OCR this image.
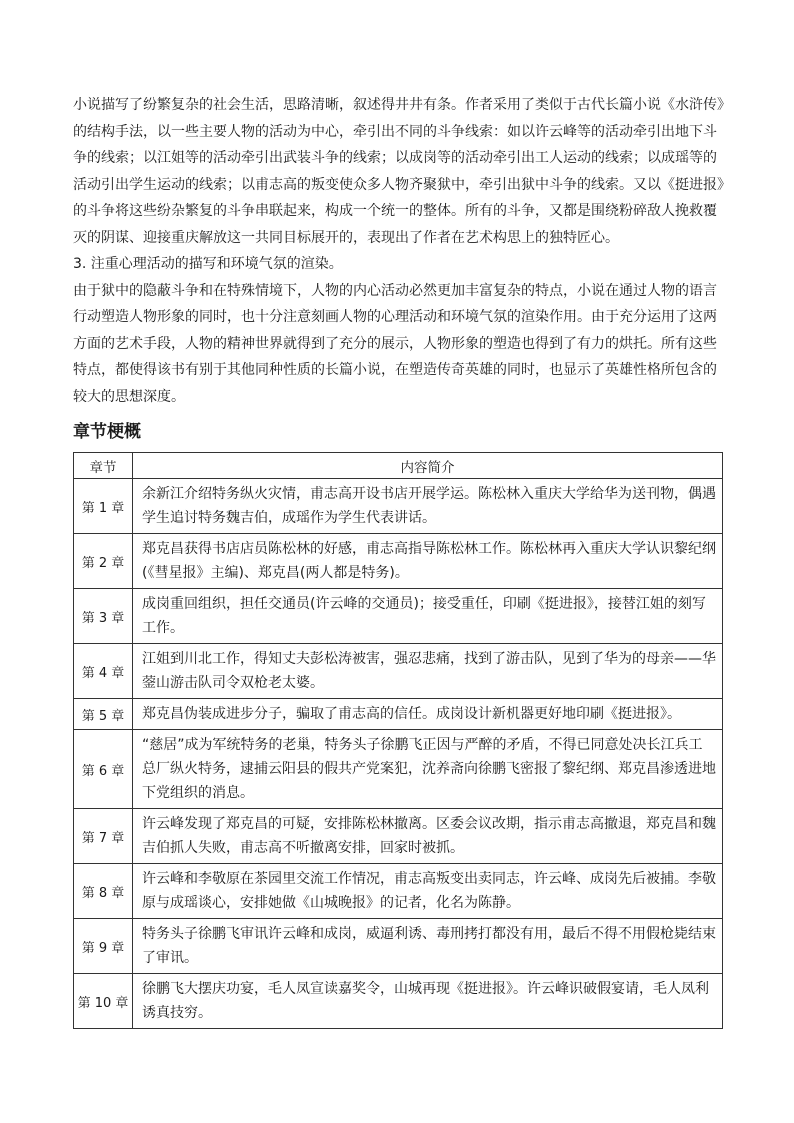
小说描写了纷繁复杂的社会生活，思路清晰，叙述得井井有条。作者采用了类似于古代长篇小说《水浒传》
的结构手法，以一些主要人物的活动为中心，牵引出不同的斗争线索：如以许云峰等的活动牵引出地下斗
争的线索；以江姐等的活动牵引出武装斗争的线索；以成岗等的活动牵引出工人运动的线索；以成瑶等的
活动引出学生运动的线索；以甫志高的叛变使众多人物齐聚狱中，牵引出狱中斗争的线索。又以《挺进报》
的斗争将这些纷杂繁复的斗争串联起来，构成一个统一的整体。所有的斗争，又都是围绕粉碎敌人挽救覆
灭的阴谋、迎接重庆解放这一共同目标展开的，表现出了作者在艺术构思上的独特匠心。
3. 注重心理活动的描写和环境气氛的渲染。
由于狱中的隐蔽斗争和在特殊情境下，人物的内心活动必然更加丰富复杂的特点，小说在通过人物的语言
行动塑造人物形象的同时，也十分注意刻画人物的心理活动和环境气氛的渲染作用。由于充分运用了这两
方面的艺术手段，人物的精神世界就得到了充分的展示，人物形象的塑造也得到了有力的烘托。所有这些
特点，都使得该书有别于其他同种性质的长篇小说，在塑造传奇英雄的同时，也显示了英雄性格所包含的
较大的思想深度。
章节梗概
章节	内容简介
第 1 章	余新江介绍特务纵火灾情，甫志高开设书店开展学运。陈松林入重庆大学给华为送刊物，偶遇
学生追讨特务魏吉伯，成瑶作为学生代表讲话。

第 2 章	郑克昌获得书店店员陈松林的好感，甫志高指导陈松林工作。陈松林再入重庆大学认识黎纪纲
(《彗星报》主编)、郑克昌(两人都是特务)。

第 3 章	成岗重回组织，担任交通员(许云峰的交通员)；接受重任，印刷《挺进报》，接替江姐的刻写
工作。

第 4 章	江姐到川北工作，得知丈夫彭松涛被害，强忍悲痛，找到了游击队，见到了华为的母亲——华
蓥山游击队司令双枪老太婆。

第 5 章	郑克昌伪装成进步分子，骗取了甫志高的信任。成岗设计新机器更好地印刷《挺进报》。

第 6 章	“慈居”成为军统特务的老巢，特务头子徐鹏飞正因与严醉的矛盾，不得已同意处决长江兵工
总厂纵火特务，逮捕云阳县的假共产党案犯，沈养斋向徐鹏飞密报了黎纪纲、郑克昌渗透进地
下党组织的消息。

第 7 章	许云峰发现了郑克昌的可疑，安排陈松林撤离。区委会议改期，指示甫志高撤退，郑克昌和魏
吉伯抓人失败，甫志高不听撤离安排，回家时被抓。

第 8 章	许云峰和李敬原在茶园里交流工作情况，甫志高叛变出卖同志，许云峰、成岗先后被捕。李敬
原与成瑶谈心，安排她做《山城晚报》的记者，化名为陈静。

第 9 章	特务头子徐鹏飞审讯许云峰和成岗，威逼利诱、毒刑拷打都没有用，最后不得不用假枪毙结束
了审讯。

第 10 章	徐鹏飞大摆庆功宴，毛人凤宣读嘉奖令，山城再现《挺进报》。许云峰识破假宴请，毛人凤利
诱真技穷。
